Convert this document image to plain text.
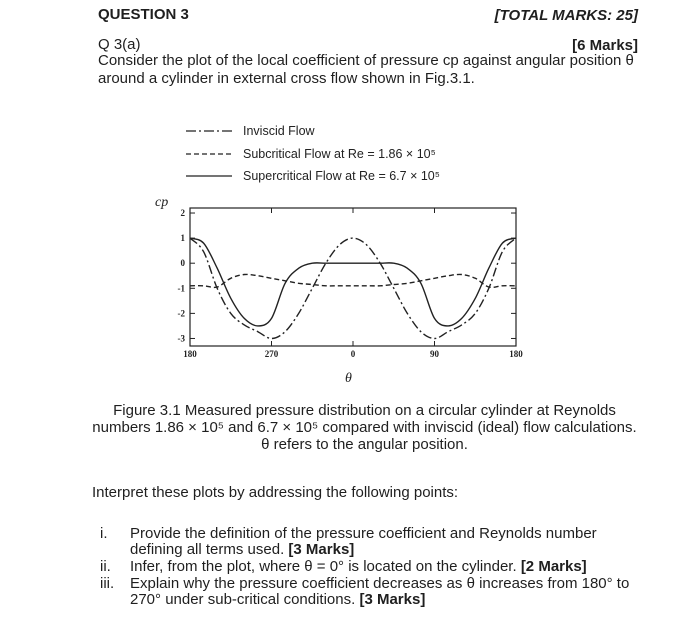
QUESTION 3	[TOTAL MARKS: 25]
Q 3(a)	[6 Marks]
Consider the plot of the local coefficient of pressure cp against angular position θ around a cylinder in external cross flow shown in Fig.3.1.
Inviscid Flow
Subcritical Flow at Re = 1.86 × 10⁵
Supercritical Flow at Re = 6.7 × 10⁵
cp
θ
2
1
0
-1
-2
-3
180	270	0	90	180
Figure 3.1 Measured pressure distribution on a circular cylinder at Reynolds numbers 1.86 × 10⁵ and 6.7 × 10⁵ compared with inviscid (ideal) flow calculations. θ refers to the angular position.
Interpret these plots by addressing the following points:
i.	Provide the definition of the pressure coefficient and Reynolds number defining all terms used. [3 Marks]
ii.	Infer, from the plot, where θ = 0° is located on the cylinder. [2 Marks]
iii.	Explain why the pressure coefficient decreases as θ increases from 180° to 270° under sub-critical conditions. [3 Marks]
